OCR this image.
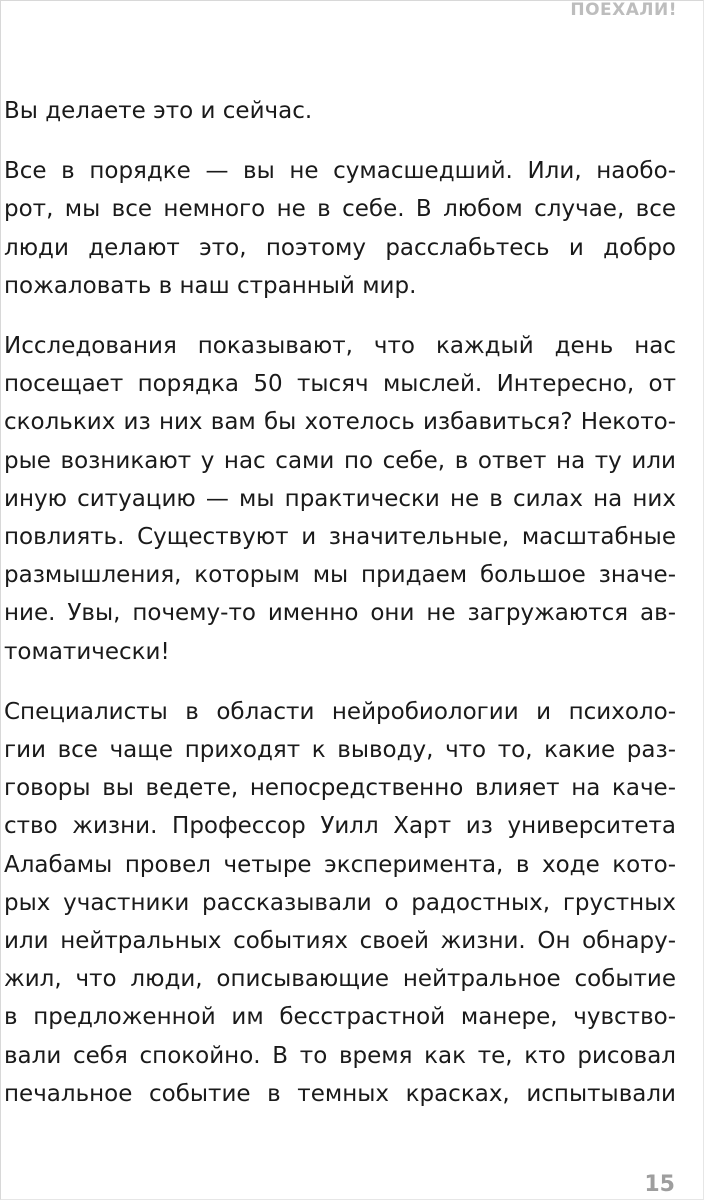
ПОЕХАЛИ!

Вы делаете это и сейчас.

Все в порядке — вы не сумасшедший. Или, наобо-
рот, мы все немного не в себе. В любом случае, все
люди делают это, поэтому расслабьтесь и добро
пожаловать в наш странный мир.

Исследования показывают, что каждый день нас
посещает порядка 50 тысяч мыслей. Интересно, от
скольких из них вам бы хотелось избавиться? Некото-
рые возникают у нас сами по себе, в ответ на ту или
иную ситуацию — мы практически не в силах на них
повлиять. Существуют и значительные, масштабные
размышления, которым мы придаем большое значе-
ние. Увы, почему-то именно они не загружаются ав-
томатически!

Специалисты в области нейробиологии и психоло-
гии все чаще приходят к выводу, что то, какие раз-
говоры вы ведете, непосредственно влияет на каче-
ство жизни. Профессор Уилл Харт из университета
Алабамы провел четыре эксперимента, в ходе кото-
рых участники рассказывали о радостных, грустных
или нейтральных событиях своей жизни. Он обнару-
жил, что люди, описывающие нейтральное событие
в предложенной им бесстрастной манере, чувство-
вали себя спокойно. В то время как те, кто рисовал
печальное событие в темных красках, испытывали

15
